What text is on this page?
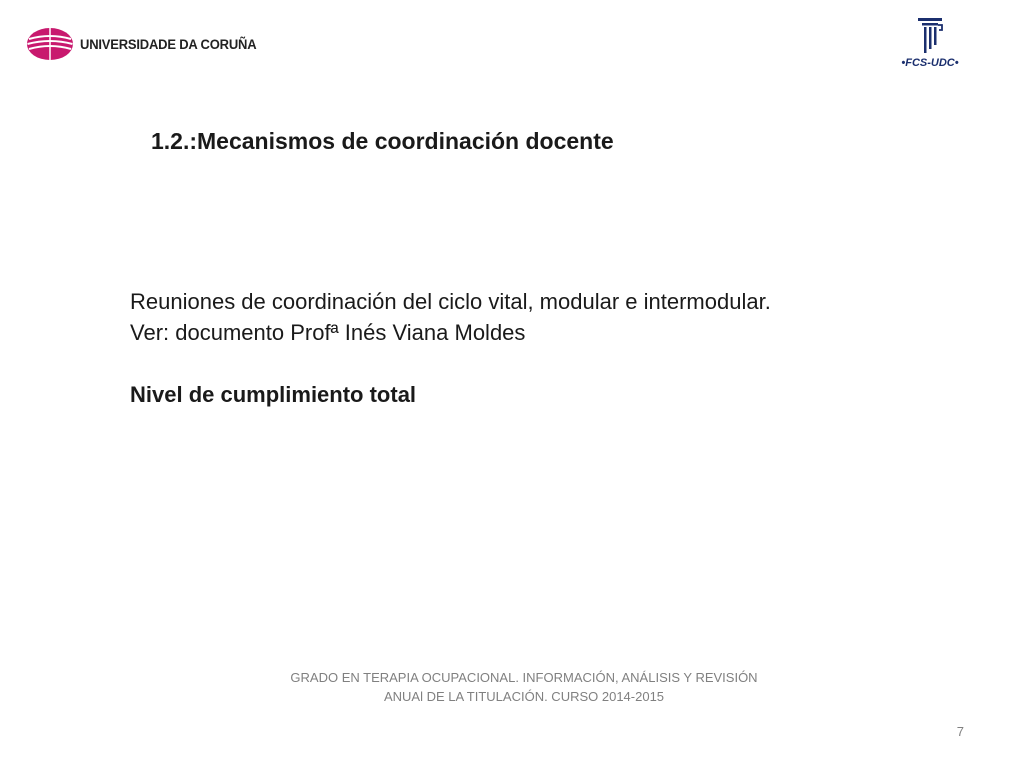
UNIVERSIDADE DA CORUÑA
•FCS-UDC•
1.2.:Mecanismos de coordinación docente

Reuniones de coordinación del ciclo vital, modular e intermodular.

Ver: documento Profª Inés Viana Moldes

Nivel de cumplimiento total

GRADO EN TERAPIA OCUPACIONAL. INFORMACIÓN, ANÁLISIS Y REVISIÓN
ANUAl DE LA TITULACIÓN. CURSO 2014-2015
7
